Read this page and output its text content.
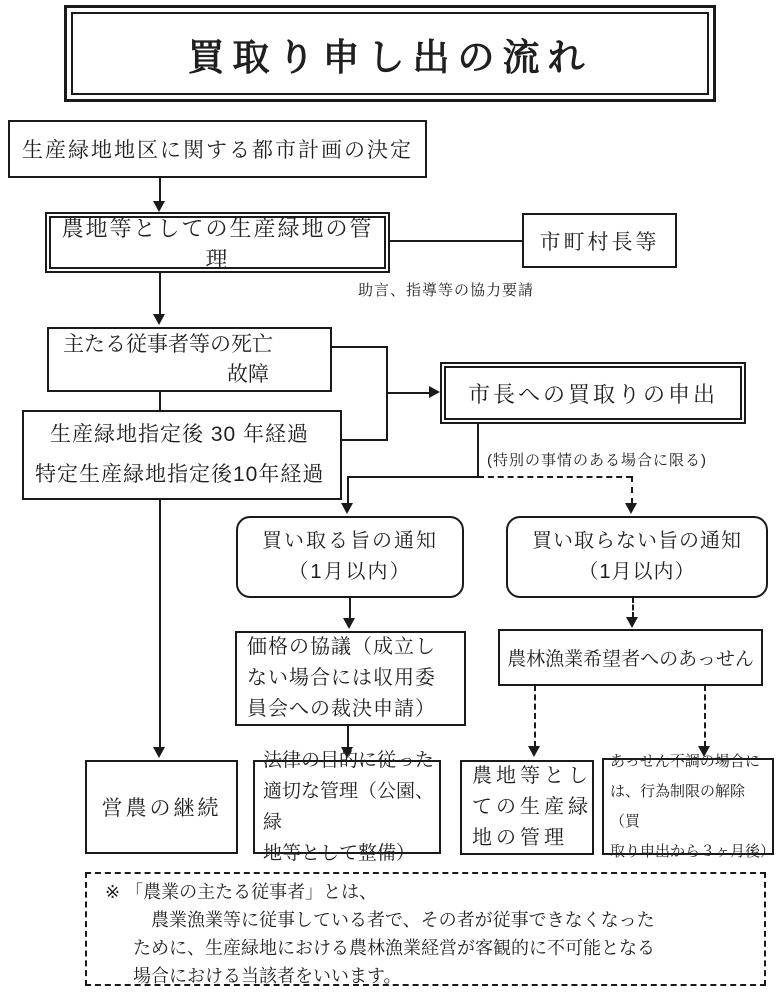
買取り申し出の流れ
生産緑地地区に関する都市計画の決定
農地等としての生産緑地の管理
市町村長等
助言、指導等の協力要請
主たる従事者等の死亡
故障
生産緑地指定後 30 年経過
特定生産緑地指定後10年経過
市長への買取りの申出
(特別の事情のある場合に限る)
買い取る旨の通知
（1月以内）
買い取らない旨の通知
（1月以内）
価格の協議（成立し
ない場合には収用委
員会への裁決申請）
農林漁業希望者へのあっせん
営農の継続
法律の目的に従った
適切な管理（公園、緑
地等として整備）
農地等とし
ての生産緑
地の管理
あっせん不調の場合に
は、行為制限の解除（買
取り申出から３ヶ月後）
※ 「農業の主たる従事者」とは、
農業漁業等に従事している者で、その者が従事できなくなった
ために、生産緑地における農林漁業経営が客観的に不可能となる
場合における当該者をいいます。
